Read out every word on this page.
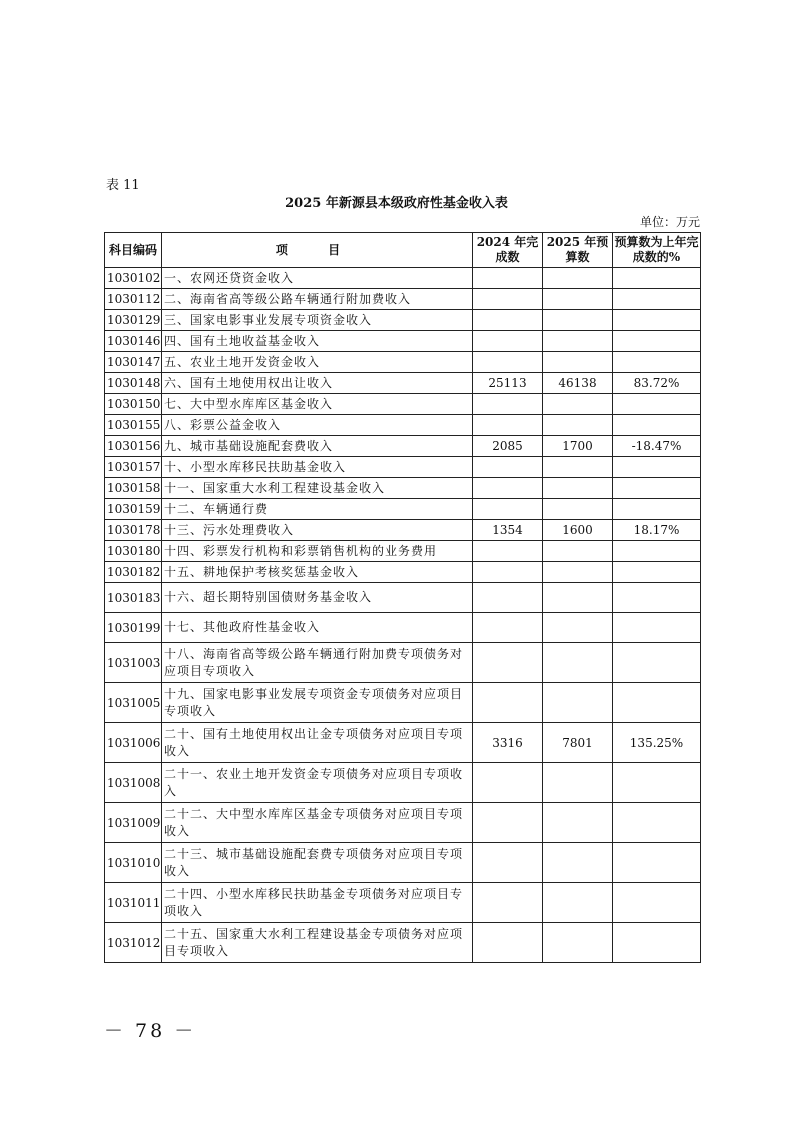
表 11
2025 年新源县本级政府性基金收入表
单位：万元
科目编码	项 目	2024 年完成数	2025 年预算数	预算数为上年完成数的%
1030102	一、农网还贷资金收入			
1030112	二、海南省高等级公路车辆通行附加费收入			
1030129	三、国家电影事业发展专项资金收入			
1030146	四、国有土地收益基金收入			
1030147	五、农业土地开发资金收入			
1030148	六、国有土地使用权出让收入	25113	46138	83.72%
1030150	七、大中型水库库区基金收入			
1030155	八、彩票公益金收入			
1030156	九、城市基础设施配套费收入	2085	1700	-18.47%
1030157	十、小型水库移民扶助基金收入			
1030158	十一、国家重大水利工程建设基金收入			
1030159	十二、车辆通行费			
1030178	十三、污水处理费收入	1354	1600	18.17%
1030180	十四、彩票发行机构和彩票销售机构的业务费用			
1030182	十五、耕地保护考核奖惩基金收入			
1030183	十六、超长期特别国债财务基金收入			
1030199	十七、其他政府性基金收入			
1031003	十八、海南省高等级公路车辆通行附加费专项债务对应项目专项收入			
1031005	十九、国家电影事业发展专项资金专项债务对应项目专项收入			
1031006	二十、国有土地使用权出让金专项债务对应项目专项收入	3316	7801	135.25%
1031008	二十一、农业土地开发资金专项债务对应项目专项收入			
1031009	二十二、大中型水库库区基金专项债务对应项目专项收入			
1031010	二十三、城市基础设施配套费专项债务对应项目专项收入			
1031011	二十四、小型水库移民扶助基金专项债务对应项目专项收入			
1031012	二十五、国家重大水利工程建设基金专项债务对应项目专项收入			
－ 78 －
